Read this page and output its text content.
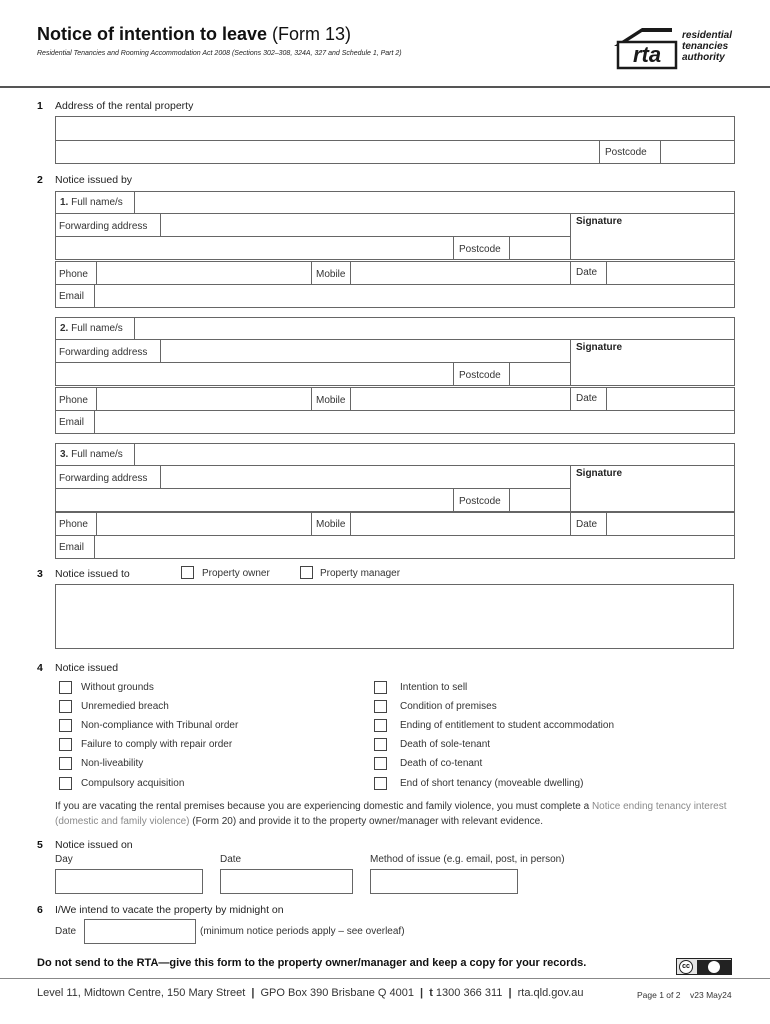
Notice of intention to leave (Form 13)
Residential Tenancies and Rooming Accommodation Act 2008 (Sections 302–308, 324A, 327 and Schedule 1, Part 2)	rta
residential
tenancies
authority
1 Address of the rental property
Postcode
2 Notice issued by
1. Full name/s
Forwarding address	Signature
Postcode
Phone	Mobile	Date
Email
2. Full name/s
Forwarding address	Signature
Postcode
Phone	Mobile	Date
Email
3. Full name/s
Forwarding address	Signature
Postcode
Phone	Mobile	Date
Email
3 Notice issued to	Property owner	Property manager
4 Notice issued
Without grounds
Unremedied breach
Non-compliance with Tribunal order
Failure to comply with repair order
Non-liveability
Compulsory acquisition
Intention to sell
Condition of premises
Ending of entitlement to student accommodation
Death of sole-tenant
Death of co-tenant
End of short tenancy (moveable dwelling)
If you are vacating the rental premises because you are experiencing domestic and family violence, you must complete a Notice ending tenancy interest (domestic and family violence) (Form 20) and provide it to the property owner/manager with relevant evidence.
5 Notice issued on
Day	Date	Method of issue (e.g. email, post, in person)
6 I/We intend to vacate the property by midnight on
Date	(minimum notice periods apply – see overleaf)
Do not send to the RTA—give this form to the property owner/manager and keep a copy for your records.	cc
Level 11, Midtown Centre, 150 Mary Street | GPO Box 390 Brisbane Q 4001 | t 1300 366 311 | rta.qld.gov.au	Page 1 of 2 v23 May24
